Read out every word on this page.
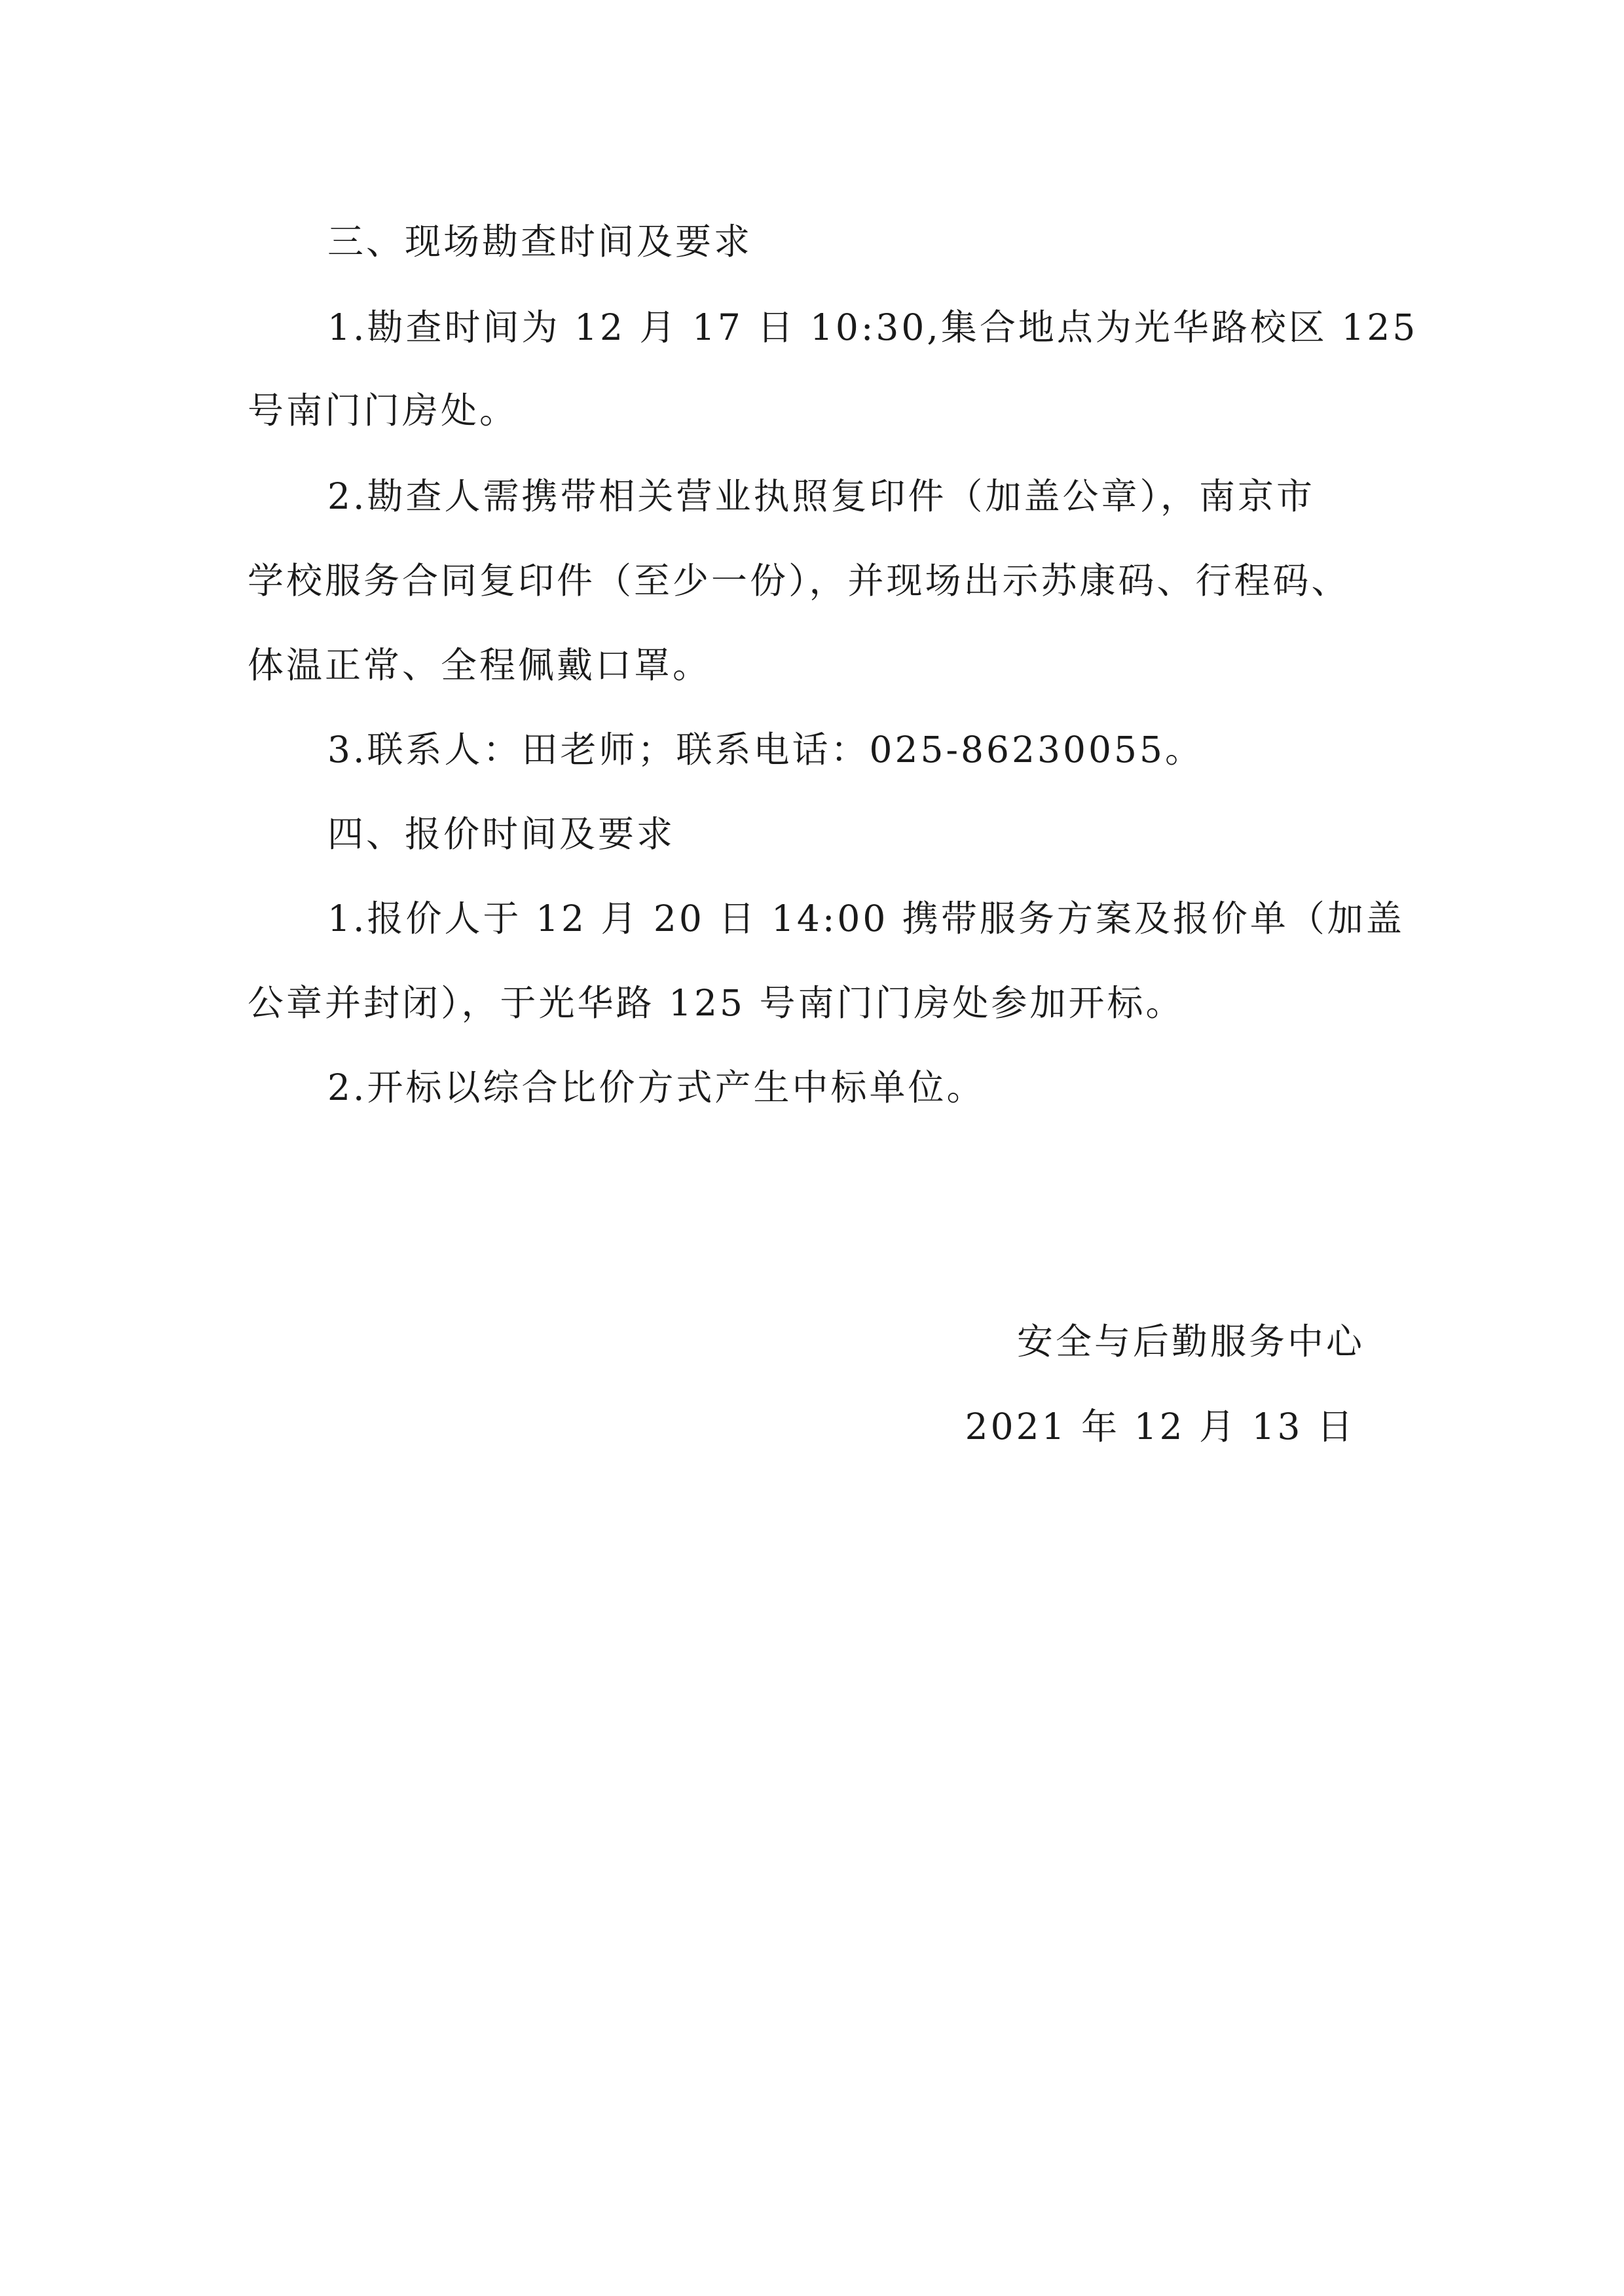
三、现场勘查时间及要求
1.勘查时间为 12 月 17 日 10:30,集合地点为光华路校区 125
号南门门房处。
2.勘查人需携带相关营业执照复印件（加盖公章），南京市
学校服务合同复印件（至少一份），并现场出示苏康码、行程码、
体温正常、全程佩戴口罩。
3.联系人：田老师；联系电话：025-86230055。
四、报价时间及要求
1.报价人于 12 月 20 日 14:00 携带服务方案及报价单（加盖
公章并封闭），于光华路 125 号南门门房处参加开标。
2.开标以综合比价方式产生中标单位。
安全与后勤服务中心
2021 年 12 月 13 日
